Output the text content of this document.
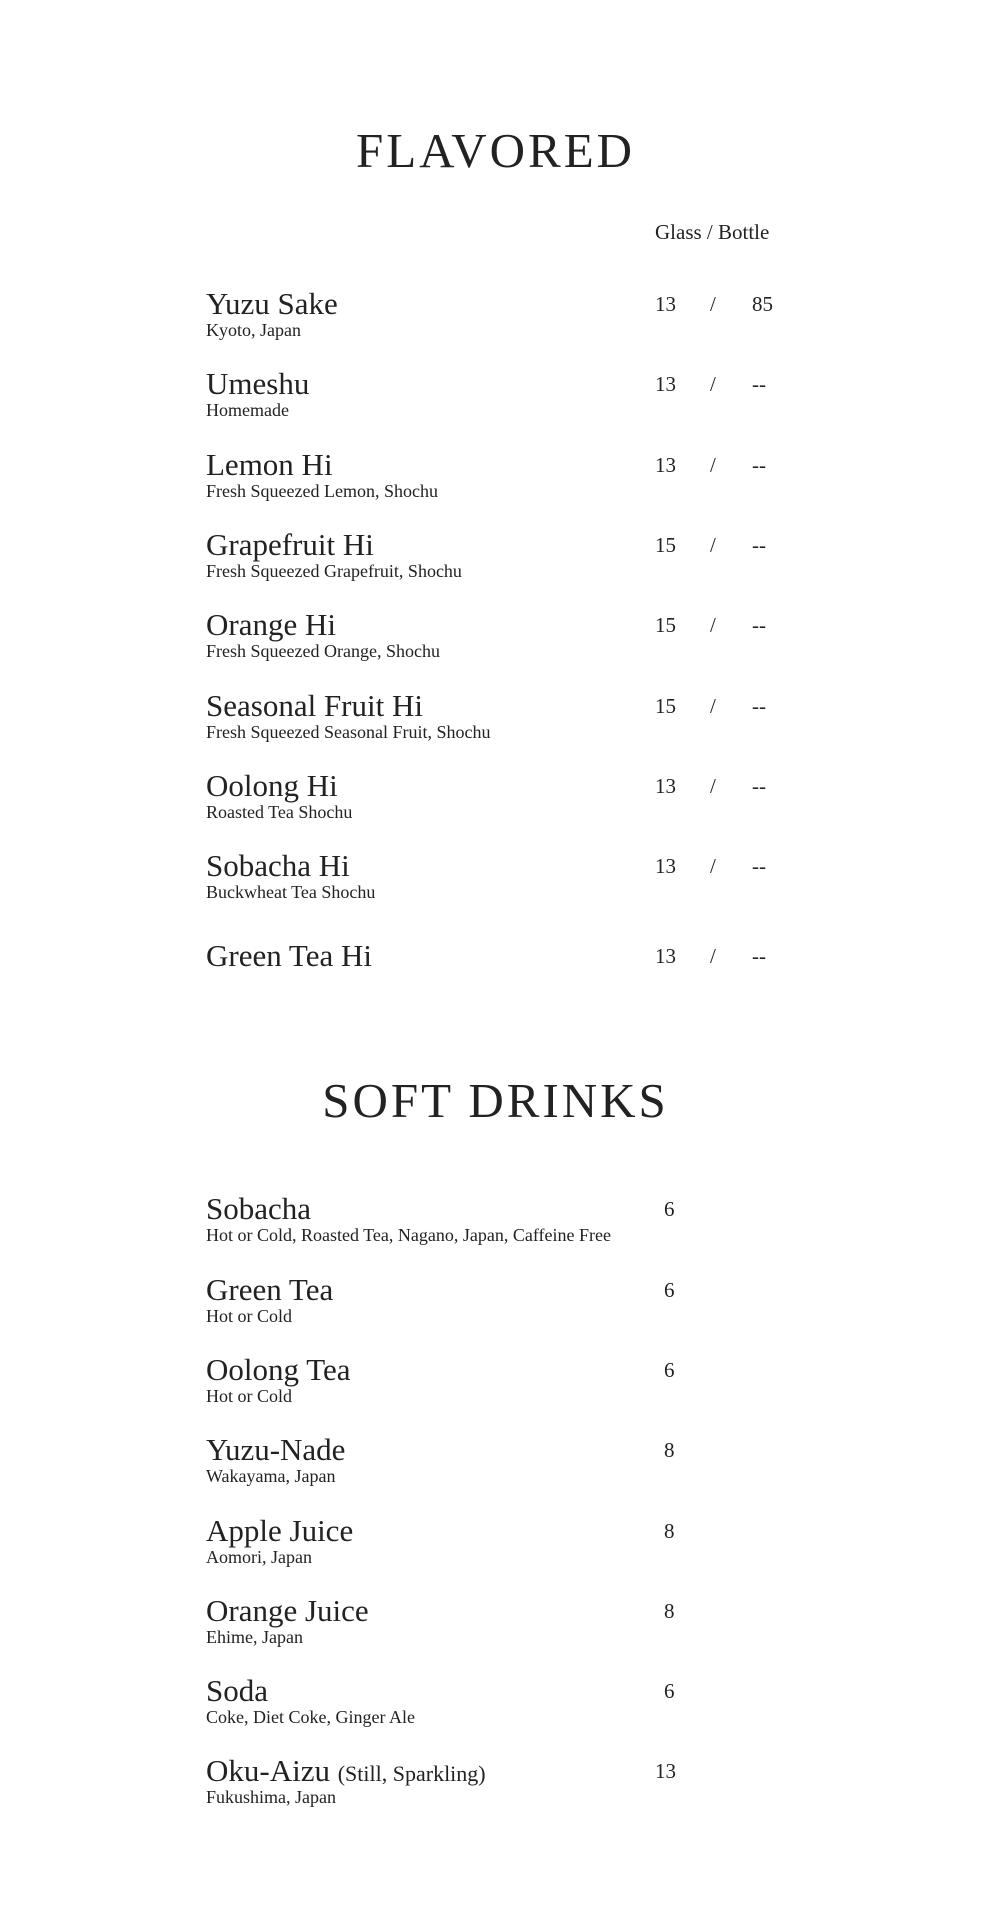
FLAVORED
Glass / Bottle
Yuzu Sake
Kyoto, Japan
13 / 85
Umeshu
Homemade
13 / --
Lemon Hi
Fresh Squeezed Lemon, Shochu
13 / --
Grapefruit Hi
Fresh Squeezed Grapefruit, Shochu
15 / --
Orange Hi
Fresh Squeezed Orange, Shochu
15 / --
Seasonal Fruit Hi
Fresh Squeezed Seasonal Fruit, Shochu
15 / --
Oolong Hi
Roasted Tea Shochu
13 / --
Sobacha Hi
Buckwheat Tea Shochu
13 / --
Green Tea Hi	13 / --
SOFT DRINKS
Sobacha
Hot or Cold, Roasted Tea, Nagano, Japan, Caffeine Free
6
Green Tea
Hot or Cold
6
Oolong Tea
Hot or Cold
6
Yuzu-Nade
Wakayama, Japan
8
Apple Juice
Aomori, Japan
8
Orange Juice
Ehime, Japan
8
Soda
Coke, Diet Coke, Ginger Ale
6
Oku-Aizu (Still, Sparkling)
Fukushima, Japan
13
